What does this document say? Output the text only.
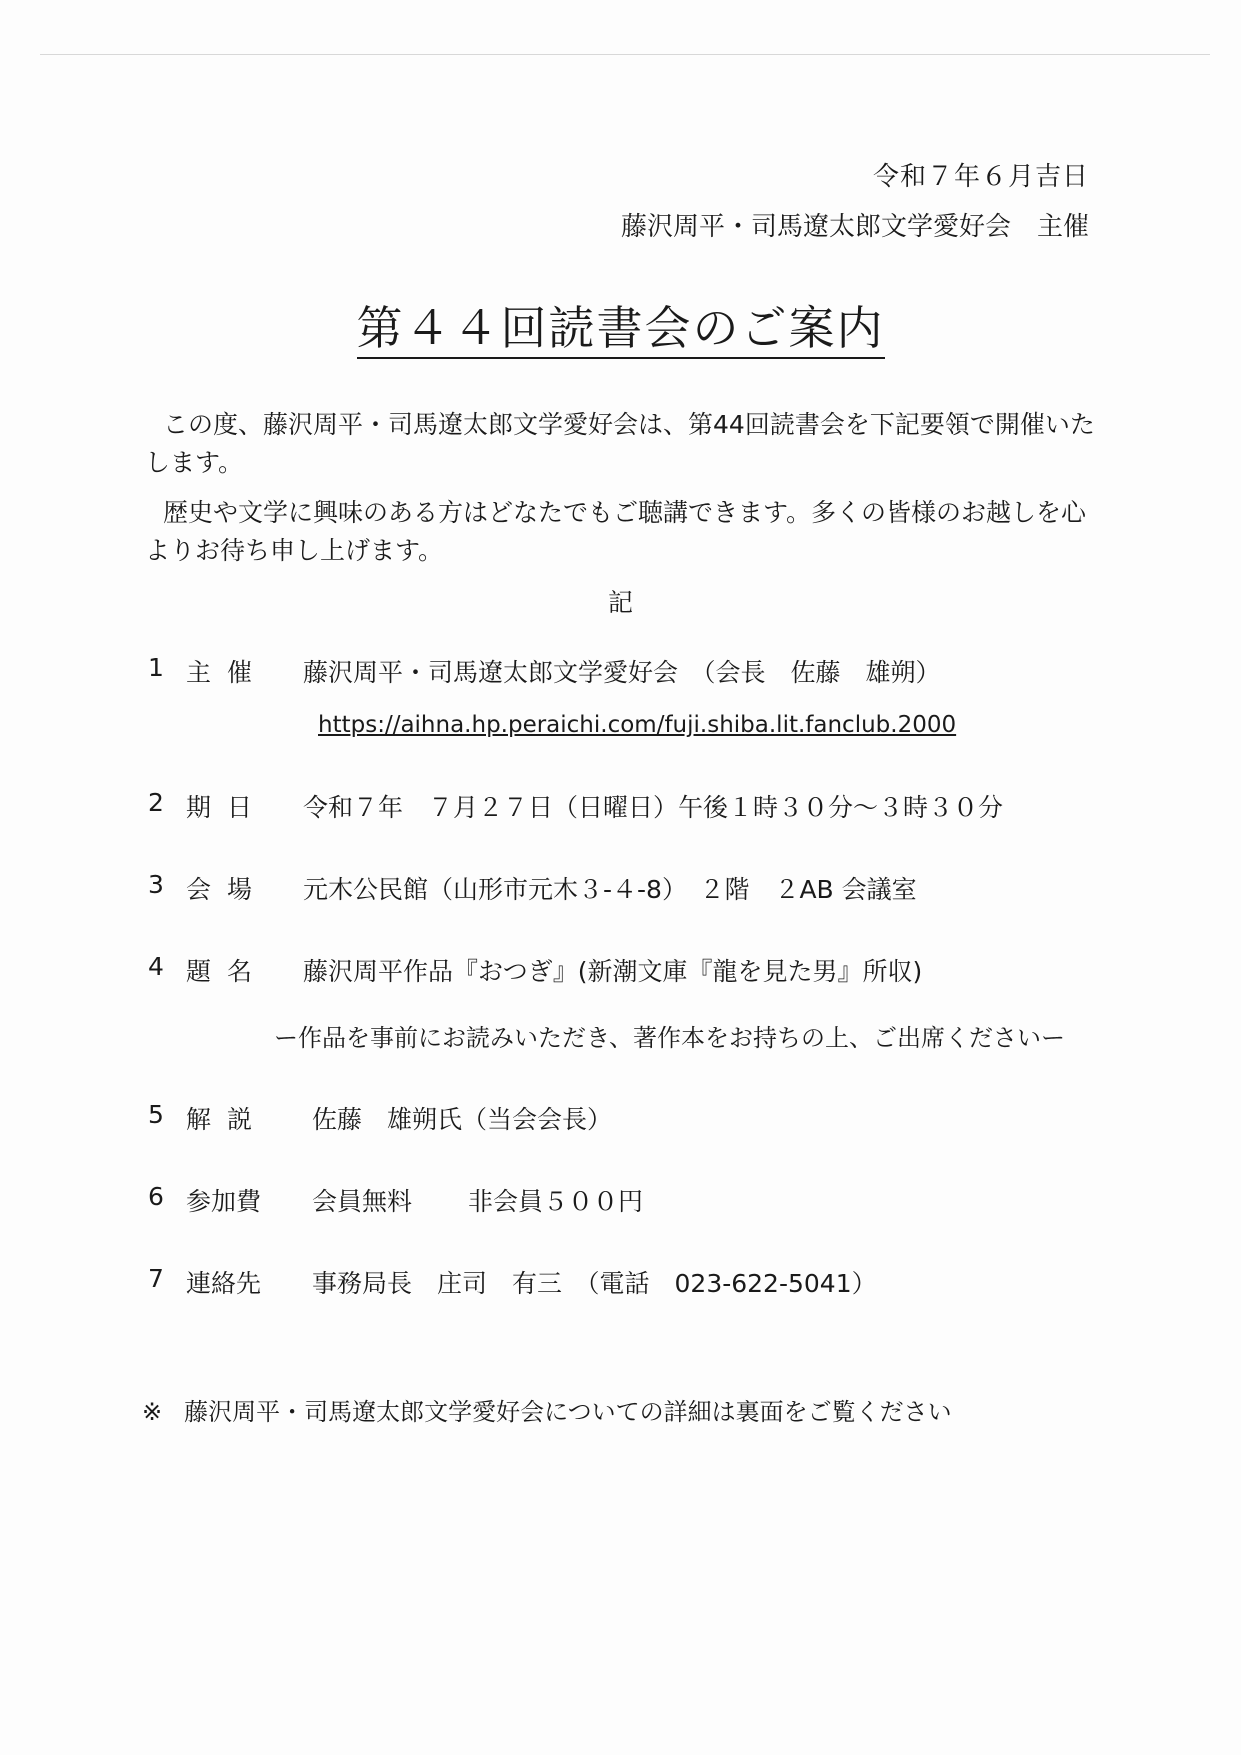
令和７年６月吉日
藤沢周平・司馬遼太郎文学愛好会　主催
第４４回読書会のご案内

この度、藤沢周平・司馬遼太郎文学愛好会は、第44回読書会を下記要領で開催いたします。

歴史や文学に興味のある方はどなたでもご聴講できます。多くの皆様のお越しを心よりお待ち申し上げます。

記
1 主催 藤沢周平・司馬遼太郎文学愛好会　（会長　佐藤　雄朔）
https://aihna.hp.peraichi.com/fuji.shiba.lit.fanclub.2000
2 期日 令和７年　７月２７日（日曜日）午後１時３０分～３時３０分
3 会場 元木公民館（山形市元木３‐４‐8）　２階　２AB 会議室
4 題名 藤沢周平作品『おつぎ』(新潮文庫『龍を見た男』所収)
ー作品を事前にお読みいただき、著作本をお持ちの上、ご出席くださいー
5 解説 佐藤　雄朔氏（当会会長）
6 参加費 会員無料 非会員５００円
7 連絡先 事務局長　庄司　有三　（電話　023‐622‐5041）
※ 藤沢周平・司馬遼太郎文学愛好会についての詳細は裏面をご覧ください
